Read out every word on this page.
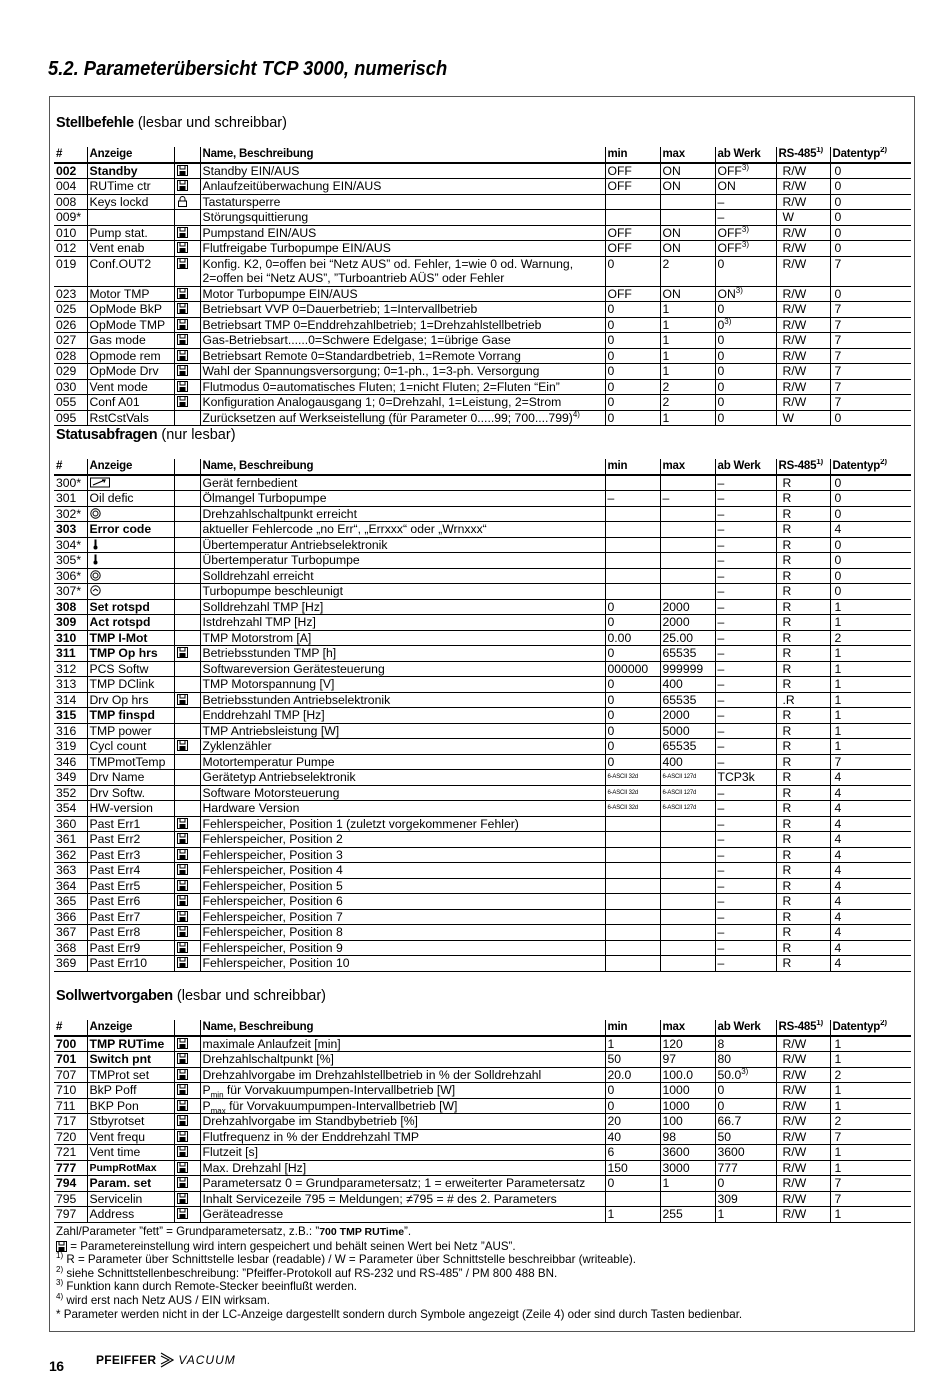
5.2. Parameterübersicht TCP 3000, numerisch
Stellbefehle (lesbar und schreibbar)
#	Anzeige		Name, Beschreibung	min	max	ab Werk	RS-485$^{1)}$	Datentyp$^{2)}$
002	Standby		Standby EIN/AUS	OFF	ON	OFF$^{3)}$	R/W	0
004	RUTime ctr		Anlaufzeitüberwachung EIN/AUS	OFF	ON	ON	R/W	0
008	Keys lockd		Tastatursperre			–	R/W	0
009*			Störungsquittierung			–	W	0
010	Pump stat.		Pumpstand EIN/AUS	OFF	ON	OFF$^{3)}$	R/W	0
012	Vent enab		Flutfreigabe Turbopumpe EIN/AUS	OFF	ON	OFF$^{3)}$	R/W	0
019	Conf.OUT2		Konfig. K2, 0=offen bei “Netz AUS” od. Fehler, 1=wie 0 od. Warnung,
2=offen bei “Netz AUS”, ”Turboantrieb AÜS” oder Fehler	0	2	0	R/W	7
023	Motor TMP		Motor Turbopumpe EIN/AUS	OFF	ON	ON$^{3)}$	R/W	0
025	OpMode BkP		Betriebsart VVP 0=Dauerbetrieb; 1=Intervallbetrieb	0	1	0	R/W	7
026	OpMode TMP		Betriebsart TMP 0=Enddrehzahlbetrieb; 1=Drehzahlstellbetrieb	0	1	0$^{3)}$	R/W	7
027	Gas mode		Gas-Betriebsart......0=Schwere Edelgase; 1=übrige Gase	0	1	0	R/W	7
028	Opmode rem		Betriebsart Remote 0=Standardbetrieb, 1=Remote Vorrang	0	1	0	R/W	7
029	OpMode Drv		Wahl der Spannungsversorgung; 0=1-ph., 1=3-ph. Versorgung	0	1	0	R/W	7
030	Vent mode		Flutmodus 0=automatisches Fluten; 1=nicht Fluten; 2=Fluten “Ein”	0	2	0	R/W	7
055	Conf A01		Konfiguration Analogausgang 1; 0=Drehzahl, 1=Leistung, 2=Strom	0	2	0	R/W	7
095	RstCstVals		Zurücksetzen auf Werkseistellung (für Parameter 0.....99; 700....799)$^{4)}$	0	1	0	W	0
Statusabfragen (nur lesbar)
#	Anzeige		Name, Beschreibung	min	max	ab Werk	RS-485$^{1)}$	Datentyp$^{2)}$
300*			Gerät fernbedient			–	R	0
301	Oil defic		Ölmangel Turbopumpe	–	–	–	R	0
302*			Drehzahlschaltpunkt erreicht			–	R	0
303	Error code		aktueller Fehlercode „no Err“, „Errxxx“ oder „Wrnxxx“			–	R	4
304*			Übertemperatur Antriebselektronik			–	R	0
305*			Übertemperatur Turbopumpe			–	R	0
306*			Solldrehzahl erreicht			–	R	0
307*			Turbopumpe beschleunigt			–	R	0
308	Set rotspd		Solldrehzahl TMP [Hz]	0	2000	–	R	1
309	Act rotspd		Istdrehzahl TMP [Hz]	0	2000	–	R	1
310	TMP I-Mot		TMP Motorstrom [A]	0.00	25.00	–	R	2
311	TMP Op hrs		Betriebsstunden TMP [h]	0	65535	–	R	1
312	PCS Softw		Softwareversion Gerätesteuerung	000000	999999	–	R	1
313	TMP DClink		TMP Motorspannung [V]	0	400	–	R	1
314	Drv Op hrs		Betriebsstunden Antriebselektronik	0	65535	–	.R	1
315	TMP finspd		Enddrehzahl TMP [Hz]	0	2000	–	R	1
316	TMP power		TMP Antriebsleistung [W]	0	5000	–	R	1
319	Cycl count		Zyklenzähler	0	65535	–	R	1
346	TMPmotTemp		Motortemperatur Pumpe	0	400	–	R	7
349	Drv Name		Gerätetyp Antriebselektronik	6-ASCII 32d	6-ASCII 127d	TCP3k	R	4
352	Drv Softw.		Software Motorsteuerung	6-ASCII 32d	6-ASCII 127d	–	R	4
354	HW-version		Hardware Version	6-ASCII 32d	6-ASCII 127d	–	R	4
360	Past Err1		Fehlerspeicher, Position 1 (zuletzt vorgekommener Fehler)			–	R	4
361	Past Err2		Fehlerspeicher, Position 2			–	R	4
362	Past Err3		Fehlerspeicher, Position 3			–	R	4
363	Past Err4		Fehlerspeicher, Position 4			–	R	4
364	Past Err5		Fehlerspeicher, Position 5			–	R	4
365	Past Err6		Fehlerspeicher, Position 6			–	R	4
366	Past Err7		Fehlerspeicher, Position 7			–	R	4
367	Past Err8		Fehlerspeicher, Position 8			–	R	4
368	Past Err9		Fehlerspeicher, Position 9			–	R	4
369	Past Err10		Fehlerspeicher, Position 10			–	R	4
Sollwertvorgaben (lesbar und schreibbar)
#	Anzeige		Name, Beschreibung	min	max	ab Werk	RS-485$^{1)}$	Datentyp$^{2)}$
700	TMP RUTime		maximale Anlaufzeit [min]	1	120	8	R/W	1
701	Switch pnt		Drehzahlschaltpunkt [%]	50	97	80	R/W	1
707	TMProt set		Drehzahlvorgabe im Drehzahlstellbetrieb in % der Solldrehzahl	20.0	100.0	50.0$^{3)}$	R/W	2
710	BkP Poff		$P_{min}$ für Vorvakuumpumpen-Intervallbetrieb [W]	0	1000	0	R/W	1
711	BKP Pon		$P_{max}$ für Vorvakuumpumpen-Intervallbetrieb [W]	0	1000	0	R/W	1
717	Stbyrotset		Drehzahlvorgabe im Standbybetrieb [%]	20	100	66.7	R/W	2
720	Vent frequ		Flutfrequenz in % der Enddrehzahl TMP	40	98	50	R/W	7
721	Vent time		Flutzeit [s]	6	3600	3600	R/W	1
777	PumpRotMax		Max. Drehzahl [Hz]	150	3000	777	R/W	1
794	Param. set		Parametersatz 0 = Grundparametersatz; 1 = erweiterter Parametersatz	0	1	0	R/W	7
795	Servicelin		Inhalt Servicezeile 795 = Meldungen; ≠795 = # des 2. Parameters			309	R/W	7
797	Address		Geräteadresse	1	255	1	R/W	1
Zahl/Parameter ”fett” = Grundparametersatz, z.B.: ”700 TMP RUTime”.
= Parametereinstellung wird intern gespeichert und behält seinen Wert bei Netz ”AUS”.
$^{1)}$ R = Parameter über Schnittstelle lesbar (readable) / W = Parameter über Schnittstelle beschreibbar (writeable).
$^{2)}$ siehe Schnittstellenbeschreibung: ”Pfeiffer-Protokoll auf RS-232 und RS-485” / PM 800 488 BN.
$^{3)}$ Funktion kann durch Remote-Stecker beeinflußt werden.
$^{4)}$ wird erst nach Netz AUS / EIN wirksam.
* Parameter werden nicht in der LC-Anzeige dargestellt sondern durch Symbole angezeigt (Zeile 4) oder sind durch Tasten bedienbar.
16	PFEIFFER VACUUM
